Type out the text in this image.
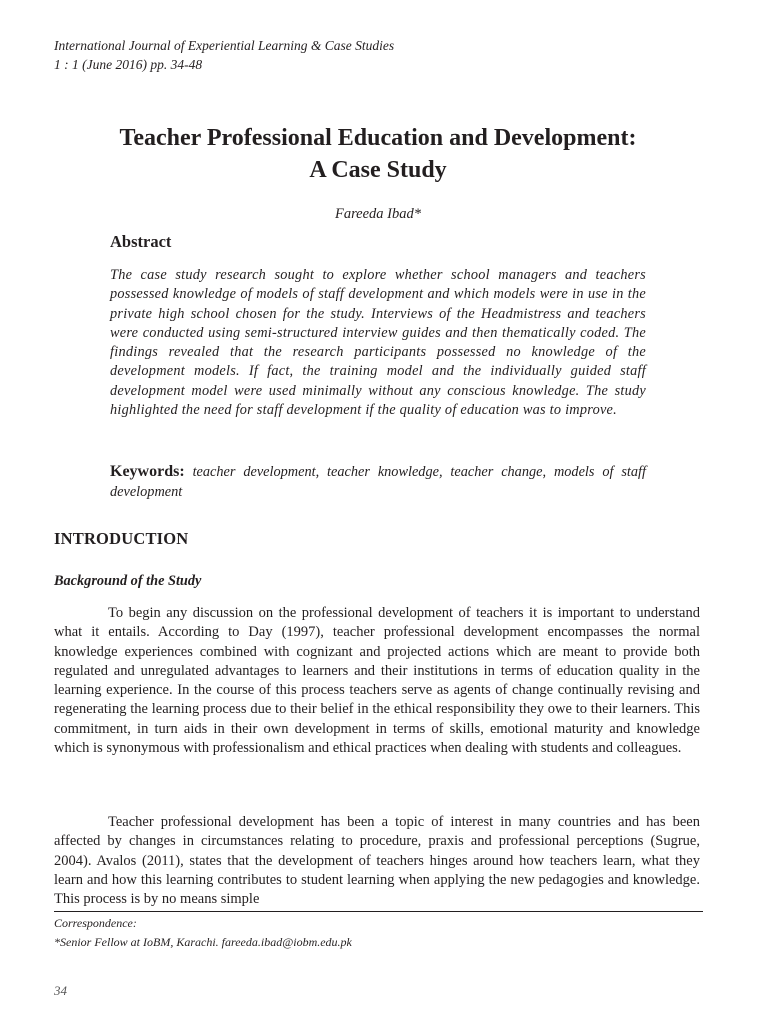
International Journal of Experiential Learning & Case Studies
1 : 1 (June 2016) pp. 34-48
Teacher Professional Education and Development:
A Case Study
Fareeda Ibad*
Abstract

The case study research sought to explore whether school managers and teachers possessed knowledge of models of staff development and which models were in use in the private high school chosen for the study. Interviews of the Headmistress and teachers were conducted using semi-structured interview guides and then thematically coded. The findings revealed that the research participants possessed no knowledge of the development models. If fact, the training model and the individually guided staff development model were used minimally without any conscious knowledge. The study highlighted the need for staff development if the quality of education was to improve.

Keywords: teacher development, teacher knowledge, teacher change, models of staff development

INTRODUCTION
Background of the Study

To begin any discussion on the professional development of teachers it is important to understand what it entails. According to Day (1997), teacher professional development encompasses the normal knowledge experiences combined with cognizant and projected actions which are meant to provide both regulated and unregulated advantages to learners and their institutions in terms of education quality in the learning experience. In the course of this process teachers serve as agents of change continually revising and regenerating the learning process due to their belief in the ethical responsibility they owe to their learners. This commitment, in turn aids in their own development in terms of skills, emotional maturity and knowledge which is synonymous with professionalism and ethical practices when dealing with students and colleagues.

Teacher professional development has been a topic of interest in many countries and has been affected by changes in circumstances relating to procedure, praxis and professional perceptions (Sugrue, 2004). Avalos (2011), states that the development of teachers hinges around how teachers learn, what they learn and how this learning contributes to student learning when applying the new pedagogies and knowledge. This process is by no means simple

Correspondence:
*Senior Fellow at IoBM, Karachi. fareeda.ibad@iobm.edu.pk
34
